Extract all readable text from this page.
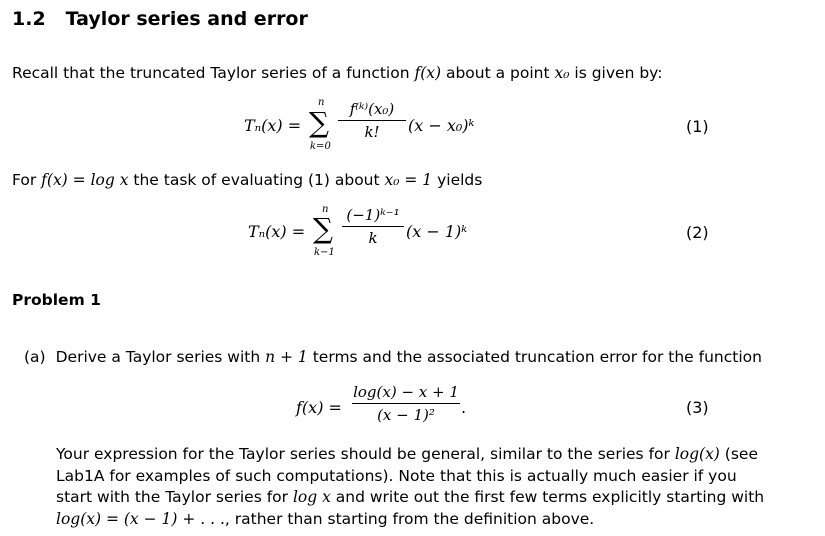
1.2 Taylor series and error
Recall that the truncated Taylor series of a function f(x) about a point x₀ is given by:
Tₙ(x) =
n
∑
k=0
f⁽ᵏ⁾(x₀)
k!	(x − x₀)ᵏ	(1)
For f(x) = log x the task of evaluating (1) about x₀ = 1 yields
Tₙ(x) =
n
∑
k−1
(−1)ᵏ⁻¹
k	(x − 1)ᵏ	(2)
Problem 1
(a) Derive a Taylor series with n + 1 terms and the associated truncation error for the function
f(x) =
log(x) − x + 1
(x − 1)²	.	(3)
Your expression for the Taylor series should be general, similar to the series for log(x) (see
Lab1A for examples of such computations). Note that this is actually much easier if you
start with the Taylor series for log x and write out the first few terms explicitly starting with
log(x) = (x − 1) + . . ., rather than starting from the definition above.
